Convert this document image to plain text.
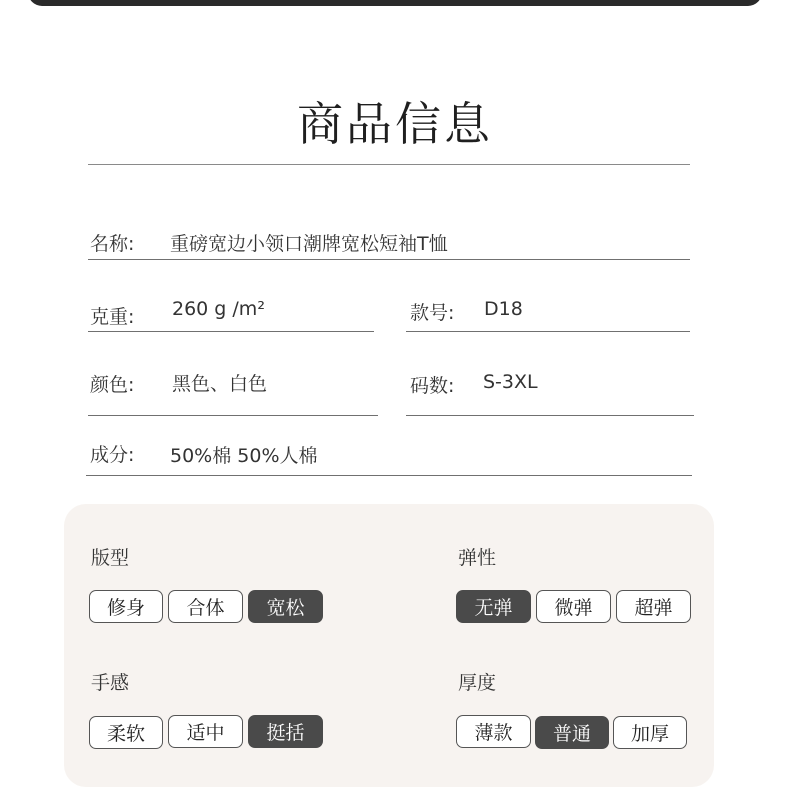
商品信息
名称: 重磅宽边小领口潮牌宽松短袖T恤
克重: 260 g /m²	款号: D18
颜色: 黑色、白色	码数: S-3XL
成分: 50%棉 50%人棉
版型
修身	合体	宽松
弹性
无弹	微弹	超弹
手感
柔软	适中	挺括
厚度
薄款	普通	加厚
